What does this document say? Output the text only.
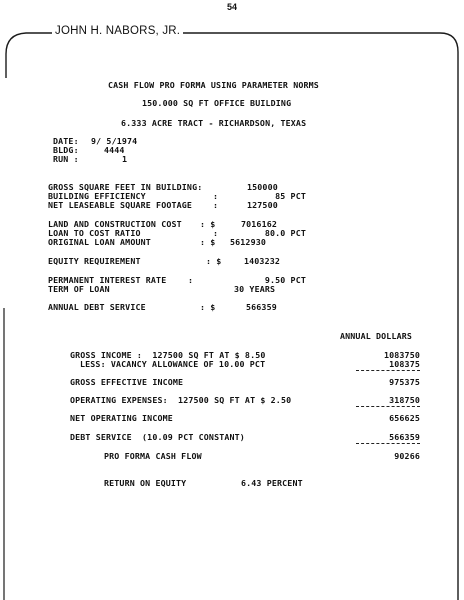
54
JOHN H. NABORS, JR.
CASH FLOW PRO FORMA USING PARAMETER NORMS
150.000 SQ FT OFFICE BUILDING
6.333 ACRE TRACT - RICHARDSON, TEXAS
DATE: 9/ 5/1974
BLDG:	4444
RUN :	1
GROSS SQUARE FEET IN BUILDING:	150000
BUILDING EFFICIENCY	:	85 PCT
NET LEASEABLE SQUARE FOOTAGE	:	127500
LAND AND CONSTRUCTION COST : $	7016162
LOAN TO COST RATIO	:	80.0 PCT
ORIGINAL LOAN AMOUNT	: $ 5612930
EQUITY REQUIREMENT	: $	1403232
PERMANENT INTEREST RATE	:	9.50 PCT
TERM OF LOAN	30 YEARS
ANNUAL DEBT SERVICE	: $	566359
ANNUAL DOLLARS
GROSS INCOME :  127500 SQ FT AT $ 8.50	1083750
LESS: VACANCY ALLOWANCE OF 10.00 PCT	108375
GROSS EFFECTIVE INCOME	975375
OPERATING EXPENSES:  127500 SQ FT AT $ 2.50	318750
NET OPERATING INCOME	656625
DEBT SERVICE  (10.09 PCT CONSTANT)	566359
PRO FORMA CASH FLOW	90266
RETURN ON EQUITY	6.43 PERCENT
